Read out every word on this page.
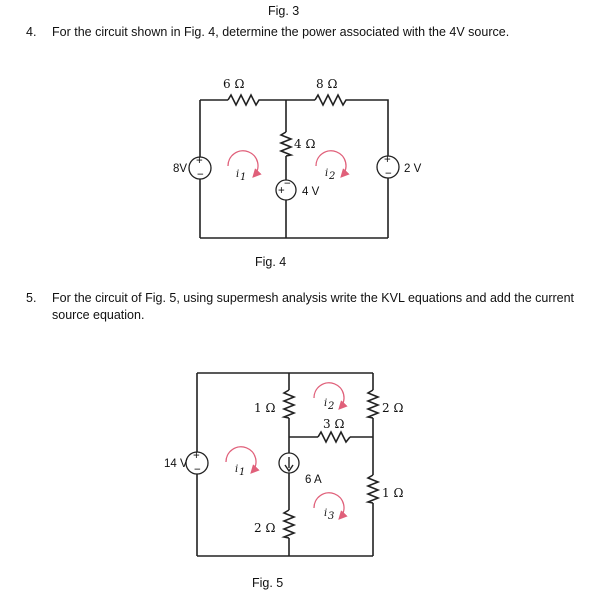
Fig. 3
4. For the circuit shown in Fig. 4, determine the power associated with the 4V source.
5. For the circuit of Fig. 5, using supermesh analysis write the KVL equations and add the current
source equation.
Fig. 4
Fig. 5
+
−
+
−
+
−
6 Ω	8 Ω
4 Ω
8V	2 V
4 V
i 1	i 2
+
−
1 Ω
2 Ω
3 Ω
2 Ω
1 Ω
14 V
6 A
i 1
i 2
i 3
